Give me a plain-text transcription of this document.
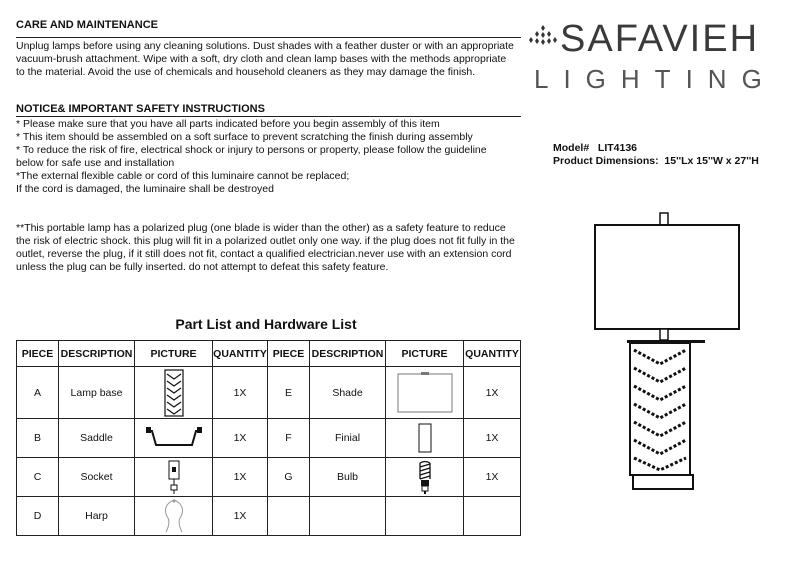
CARE AND MAINTENANCE
Unplug lamps before using any cleaning solutions. Dust shades with a feather duster or with an appropriate
vacuum-brush attachment. Wipe with a soft, dry cloth and clean lamp bases with the methods appropriate
to the material. Avoid the use of chemicals and household cleaners as they may damage the finish.
NOTICE& IMPORTANT SAFETY INSTRUCTIONS
* Please make sure that you have all parts indicated before you begin assembly of this item
* This item should be assembled on a soft surface to prevent scratching the finish during assembly
* To reduce the risk of fire, electrical shock or injury to persons or property, please follow the guideline
below for safe use and installation
*The external flexible cable or cord of this luminaire cannot be replaced;
If the cord is damaged, the luminaire shall be destroyed
**This portable lamp has a polarized plug (one blade is wider than the other) as a safety feature to reduce
the risk of electric shock. this plug will fit in a polarized outlet only one way. if the plug does not fit fully in the
outlet, reverse the plug, if it still does not fit, contact a qualified electrician.never use with an extension cord
unless the plug can be fully inserted. do not attempt to defeat this safety feature.
SAFAVIEH
LIGHTING
Model#   LIT4136
Product Dimensions:  15''Lx 15''W x 27''H
Part List and Hardware List
PIECE	DESCRIPTION	PICTURE	QUANTITY	PIECE	DESCRIPTION	PICTURE	QUANTITY
A	Lamp base		1X	E	Shade		1X
B	Saddle		1X	F	Finial		1X
C	Socket		1X	G	Bulb		1X
D	Harp		1X				
